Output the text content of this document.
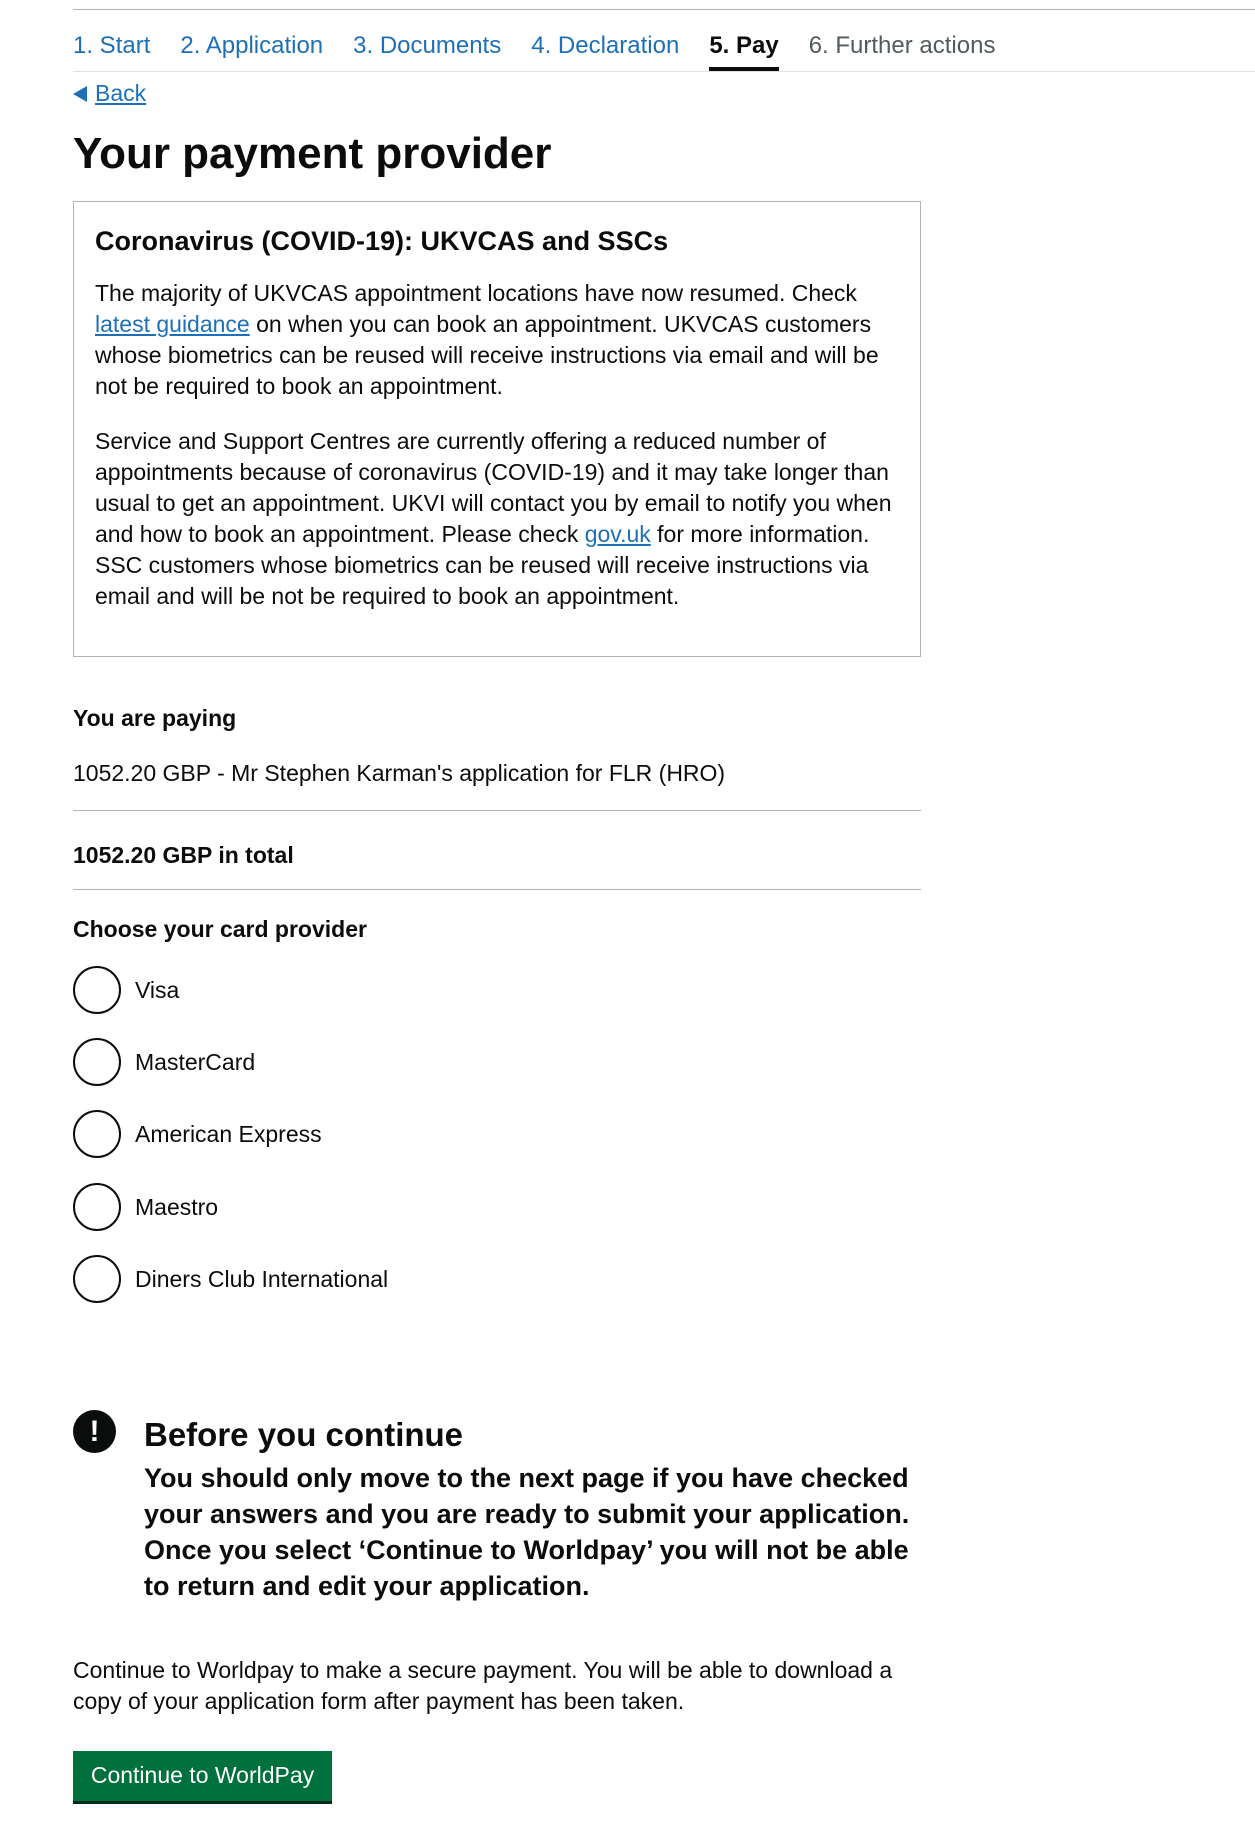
1. Start 2. Application 3. Documents 4. Declaration 5. Pay 6. Further actions
Back
Your payment provider
Coronavirus (COVID-19): UKVCAS and SSCs

The majority of UKVCAS appointment locations have now resumed. Check latest guidance on when you can book an appointment. UKVCAS customers whose biometrics can be reused will receive instructions via email and will be not be required to book an appointment.

Service and Support Centres are currently offering a reduced number of appointments because of coronavirus (COVID-19) and it may take longer than usual to get an appointment. UKVI will contact you by email to notify you when and how to book an appointment. Please check gov.uk for more information. SSC customers whose biometrics can be reused will receive instructions via email and will be not be required to book an appointment.

You are paying
1052.20 GBP - Mr Stephen Karman's application for FLR (HRO)
1052.20 GBP in total
Choose your card provider
Visa
MasterCard
American Express
Maestro
Diners Club International
!	Before you continue
You should only move to the next page if you have checked your answers and you are ready to submit your application. Once you select ‘Continue to Worldpay’ you will not be able to return and edit your application.

Continue to Worldpay to make a secure payment. You will be able to download a copy of your application form after payment has been taken.

Continue to WorldPay
